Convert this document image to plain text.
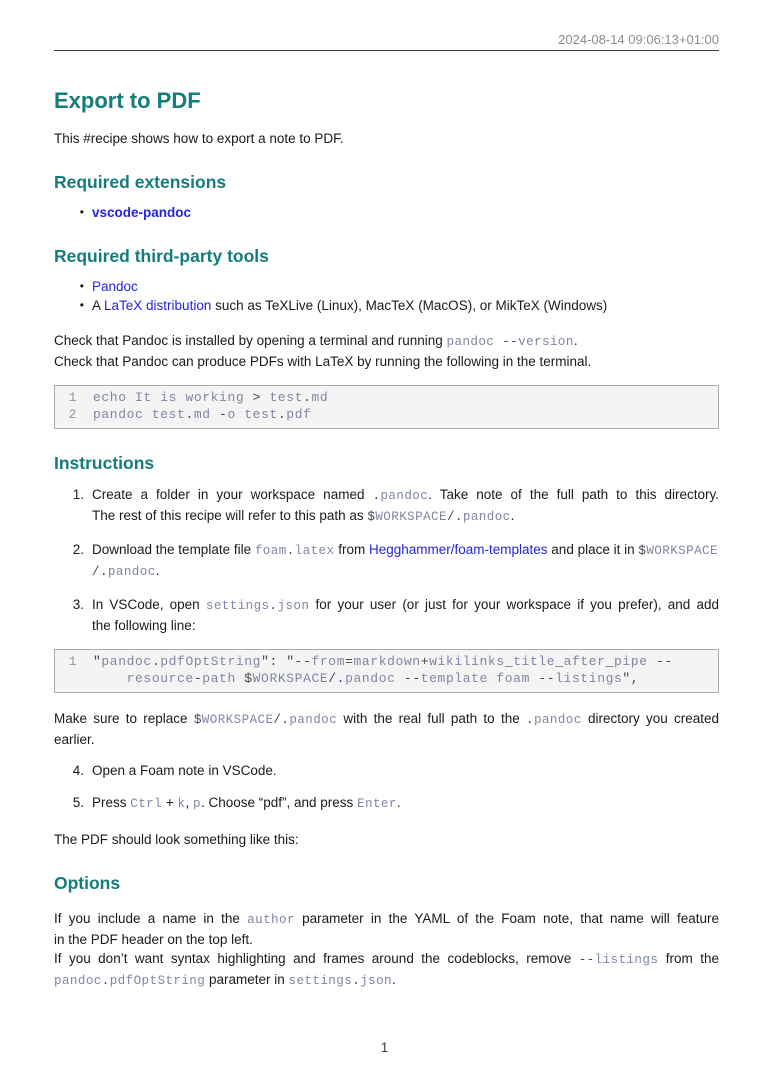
2024-08-14 09:06:13+01:00
Export to PDF
This #recipe shows how to export a note to PDF.
Required extensions
• vscode-pandoc
Required third-party tools
• Pandoc
• A LaTeX distribution such as TeXLive (Linux), MacTeX (MacOS), or MikTeX (Windows)
Check that Pandoc is installed by opening a terminal and running pandoc --version.
Check that Pandoc can produce PDFs with LaTeX by running the following in the terminal.
1 echo It is working > test.md
2 pandoc test.md -o test.pdf
Instructions
1. Create a folder in your workspace named .pandoc. Take note of the full path to this directory.
The rest of this recipe will refer to this path as $WORKSPACE/.pandoc.
2. Download the template file foam.latex from Hegghammer/foam-templates and place it in $WORKSPACE
/.pandoc.
3. In VSCode, open settings.json for your user (or just for your workspace if you prefer), and add
the following line:
1 "pandoc.pdfOptString": "--from=markdown+wikilinks_title_after_pipe --
resource-path $WORKSPACE/.pandoc --template foam --listings",
Make sure to replace $WORKSPACE/.pandoc with the real full path to the .pandoc directory you created
earlier.
4. Open a Foam note in VSCode.
5. Press Ctrl + k, p. Choose “pdf”, and press Enter.
The PDF should look something like this:
Options
If you include a name in the author parameter in the YAML of the Foam note, that name will feature
in the PDF header on the top left.
If you don’t want syntax highlighting and frames around the codeblocks, remove --listings from the
pandoc.pdfOptString parameter in settings.json.
1
